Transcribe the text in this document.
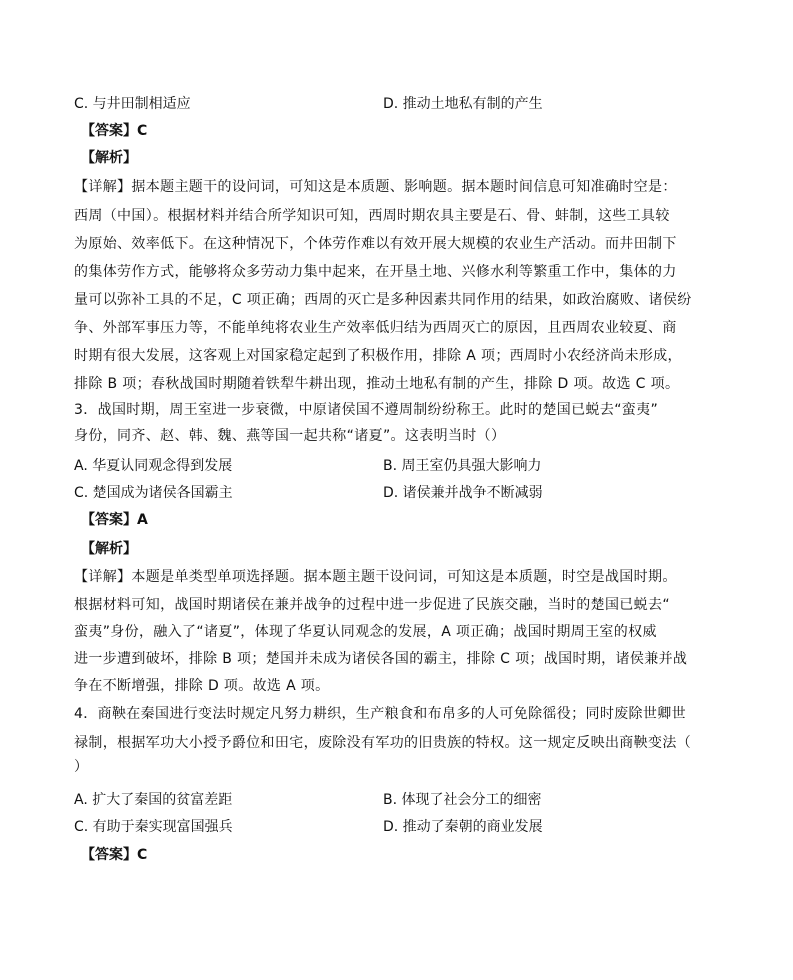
C. 与井田制相适应	D. 推动土地私有制的产生
【答案】C
【解析】
【详解】据本题主题干的设问词，可知这是本质题、影响题。据本题时间信息可知准确时空是：
西周（中国）。根据材料并结合所学知识可知，西周时期农具主要是石、骨、蚌制，这些工具较
为原始、效率低下。在这种情况下，个体劳作难以有效开展大规模的农业生产活动。而井田制下
的集体劳作方式，能够将众多劳动力集中起来，在开垦土地、兴修水利等繁重工作中，集体的力
量可以弥补工具的不足，C 项正确；西周的灭亡是多种因素共同作用的结果，如政治腐败、诸侯纷
争、外部军事压力等，不能单纯将农业生产效率低归结为西周灭亡的原因，且西周农业较夏、商
时期有很大发展，这客观上对国家稳定起到了积极作用，排除 A 项；西周时小农经济尚未形成，
排除 B 项；春秋战国时期随着铁犁牛耕出现，推动土地私有制的产生，排除 D 项。故选 C 项。
3．战国时期，周王室进一步衰微，中原诸侯国不遵周制纷纷称王。此时的楚国已蜕去“蛮夷”
身份，同齐、赵、韩、魏、燕等国一起共称“诸夏”。这表明当时（）
A. 华夏认同观念得到发展	B. 周王室仍具强大影响力
C. 楚国成为诸侯各国霸主	D. 诸侯兼并战争不断减弱
【答案】A
【解析】
【详解】本题是单类型单项选择题。据本题主题干设问词，可知这是本质题，时空是战国时期。
根据材料可知，战国时期诸侯在兼并战争的过程中进一步促进了民族交融，当时的楚国已蜕去“
蛮夷”身份，融入了“诸夏”，体现了华夏认同观念的发展，A 项正确；战国时期周王室的权威
进一步遭到破坏，排除 B 项；楚国并未成为诸侯各国的霸主，排除 C 项；战国时期，诸侯兼并战
争在不断增强，排除 D 项。故选 A 项。
4．商鞅在秦国进行变法时规定凡努力耕织，生产粮食和布帛多的人可免除徭役；同时废除世卿世
禄制，根据军功大小授予爵位和田宅，废除没有军功的旧贵族的特权。这一规定反映出商鞅变法（
）
A. 扩大了秦国的贫富差距	B. 体现了社会分工的细密
C. 有助于秦实现富国强兵	D. 推动了秦朝的商业发展
【答案】C
